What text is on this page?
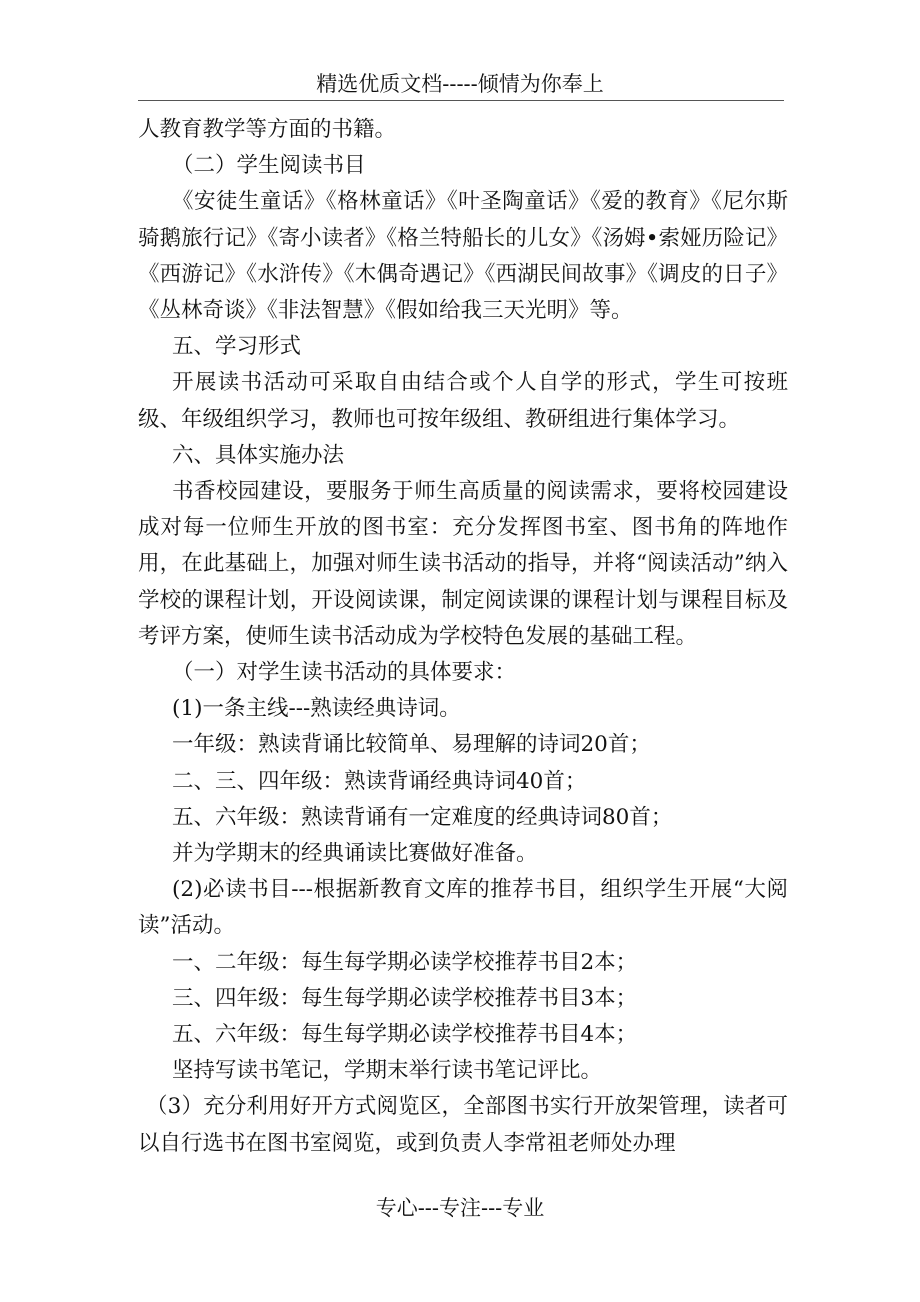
精选优质文档-----倾情为你奉上

人教育教学等方面的书籍。

（二）学生阅读书目

《安徒生童话》《格林童话》《叶圣陶童话》《爱的教育》《尼尔斯骑鹅旅行记》《寄小读者》《格兰特船长的儿女》《汤姆•索娅历险记》《西游记》《水浒传》《木偶奇遇记》《西湖民间故事》《调皮的日子》《丛林奇谈》《非法智慧》《假如给我三天光明》等。

五、学习形式

开展读书活动可采取自由结合或个人自学的形式，学生可按班级、年级组织学习，教师也可按年级组、教研组进行集体学习。

六、具体实施办法

书香校园建设，要服务于师生高质量的阅读需求，要将校园建设成对每一位师生开放的图书室：充分发挥图书室、图书角的阵地作用，在此基础上，加强对师生读书活动的指导，并将“阅读活动”纳入学校的课程计划，开设阅读课，制定阅读课的课程计划与课程目标及考评方案，使师生读书活动成为学校特色发展的基础工程。

（一）对学生读书活动的具体要求：

(1)一条主线---熟读经典诗词。

一年级：熟读背诵比较简单、易理解的诗词20首；

二、三、四年级：熟读背诵经典诗词40首；

五、六年级：熟读背诵有一定难度的经典诗词80首；

并为学期末的经典诵读比赛做好准备。

(2)必读书目---根据新教育文库的推荐书目，组织学生开展“大阅读”活动。

一、二年级：每生每学期必读学校推荐书目2本；

三、四年级：每生每学期必读学校推荐书目3本；

五、六年级：每生每学期必读学校推荐书目4本；

坚持写读书笔记，学期末举行读书笔记评比。

（3）充分利用好开方式阅览区，全部图书实行开放架管理，读者可以自行选书在图书室阅览，或到负责人李常祖老师处办理

专心---专注---专业
